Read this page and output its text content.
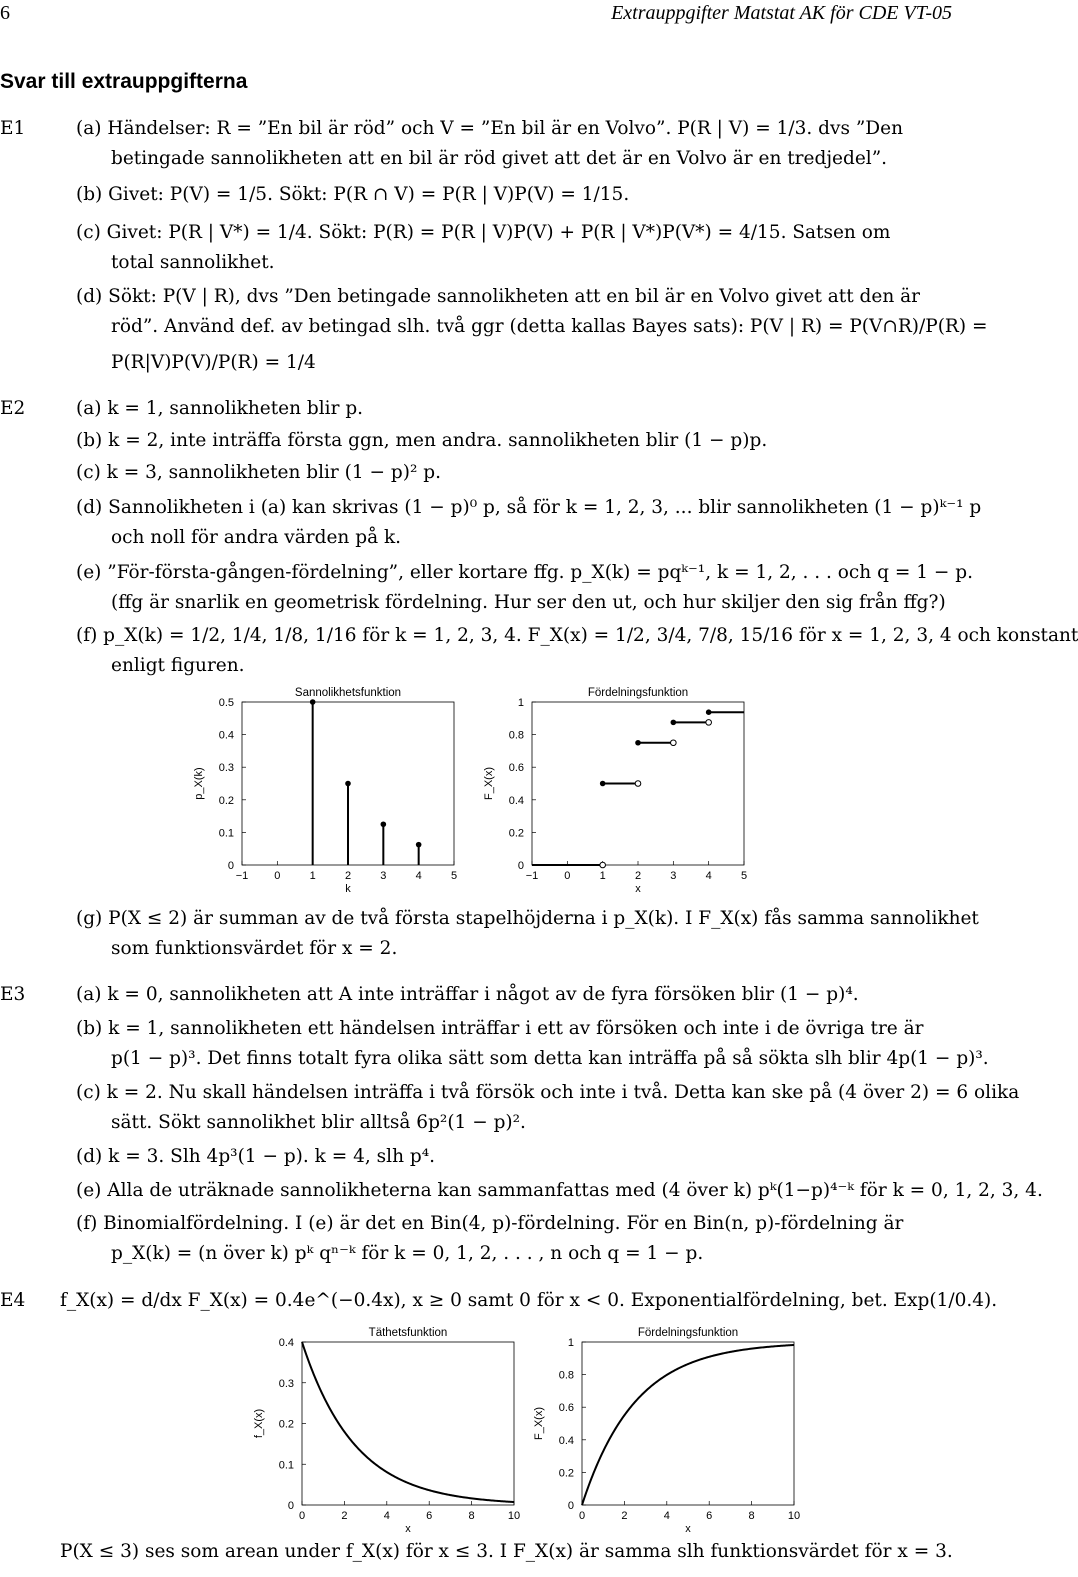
6	Extrauppgifter Matstat AK för CDE VT-05
Svar till extrauppgifterna
E1	(a) Händelser: R = ”En bil är röd” och V = ”En bil är en Volvo”. P(R | V) = 1/3. dvs ”Den
betingade sannolikheten att en bil är röd givet att det är en Volvo är en tredjedel”.
(b) Givet: P(V) = 1/5. Sökt: P(R ∩ V) = P(R | V)P(V) = 1/15.
(c) Givet: P(R | V*) = 1/4. Sökt: P(R) = P(R | V)P(V) + P(R | V*)P(V*) = 4/15. Satsen om
total sannolikhet.
(d) Sökt: P(V | R), dvs ”Den betingade sannolikheten att en bil är en Volvo givet att den är
röd”. Använd def. av betingad slh. två ggr (detta kallas Bayes sats): P(V | R) = P(V∩R)/P(R) =
P(R|V)P(V)/P(R) = 1/4
E2	(a) k = 1, sannolikheten blir p.
(b) k = 2, inte inträffa första ggn, men andra. sannolikheten blir (1 − p)p.
(c) k = 3, sannolikheten blir (1 − p)² p.
(d) Sannolikheten i (a) kan skrivas (1 − p)⁰ p, så för k = 1, 2, 3, ... blir sannolikheten (1 − p)ᵏ⁻¹ p
och noll för andra värden på k.
(e) ”För-första-gången-fördelning”, eller kortare ffg. p_X(k) = pqᵏ⁻¹, k = 1, 2, . . . och q = 1 − p.
(ffg är snarlik en geometrisk fördelning. Hur ser den ut, och hur skiljer den sig från ffg?)
(f) p_X(k) = 1/2, 1/4, 1/8, 1/16 för k = 1, 2, 3, 4. F_X(x) = 1/2, 3/4, 7/8, 15/16 för x = 1, 2, 3, 4 och konstant
enligt figuren.
Sannolikhetsfunktion
−1 0	1	2	3	4	5
0
0.1
0.2
0.3
0.4
0.5
k
p_X(k)
Fördelningsfunktion
−1 0	1	2	3	4	5
0
0.2
0.4
0.6
0.8
1
x
F_X(x)
(g) P(X ≤ 2) är summan av de två första stapelhöjderna i p_X(k). I F_X(x) fås samma sannolikhet
som funktionsvärdet för x = 2.
E3	(a) k = 0, sannolikheten att A inte inträffar i något av de fyra försöken blir (1 − p)⁴.
(b) k = 1, sannolikheten ett händelsen inträffar i ett av försöken och inte i de övriga tre är
p(1 − p)³. Det finns totalt fyra olika sätt som detta kan inträffa på så sökta slh blir 4p(1 − p)³.
(c) k = 2. Nu skall händelsen inträffa i två försök och inte i två. Detta kan ske på (4 över 2) = 6 olika
sätt. Sökt sannolikhet blir alltså 6p²(1 − p)².
(d) k = 3. Slh 4p³(1 − p). k = 4, slh p⁴.
(e) Alla de uträknade sannolikheterna kan sammanfattas med (4 över k) pᵏ(1−p)⁴⁻ᵏ för k = 0, 1, 2, 3, 4.
(f) Binomialfördelning. I (e) är det en Bin(4, p)-fördelning. För en Bin(n, p)-fördelning är
p_X(k) = (n över k) pᵏ qⁿ⁻ᵏ för k = 0, 1, 2, . . . , n och q = 1 − p.
E4 f_X(x) = d/dx F_X(x) = 0.4e^(−0.4x), x ≥ 0 samt 0 för x < 0. Exponentialfördelning, bet. Exp(1/0.4).
Täthetsfunktion
0	2	4	6	8	10
0
0.1
0.2
0.3
0.4
x
f_X(x)
Fördelningsfunktion
0	2	4	6	8	10
0
0.2
0.4
0.6
0.8
1
x
F_X(x)
P(X ≤ 3) ses som arean under f_X(x) för x ≤ 3. I F_X(x) är samma slh funktionsvärdet för x = 3.
